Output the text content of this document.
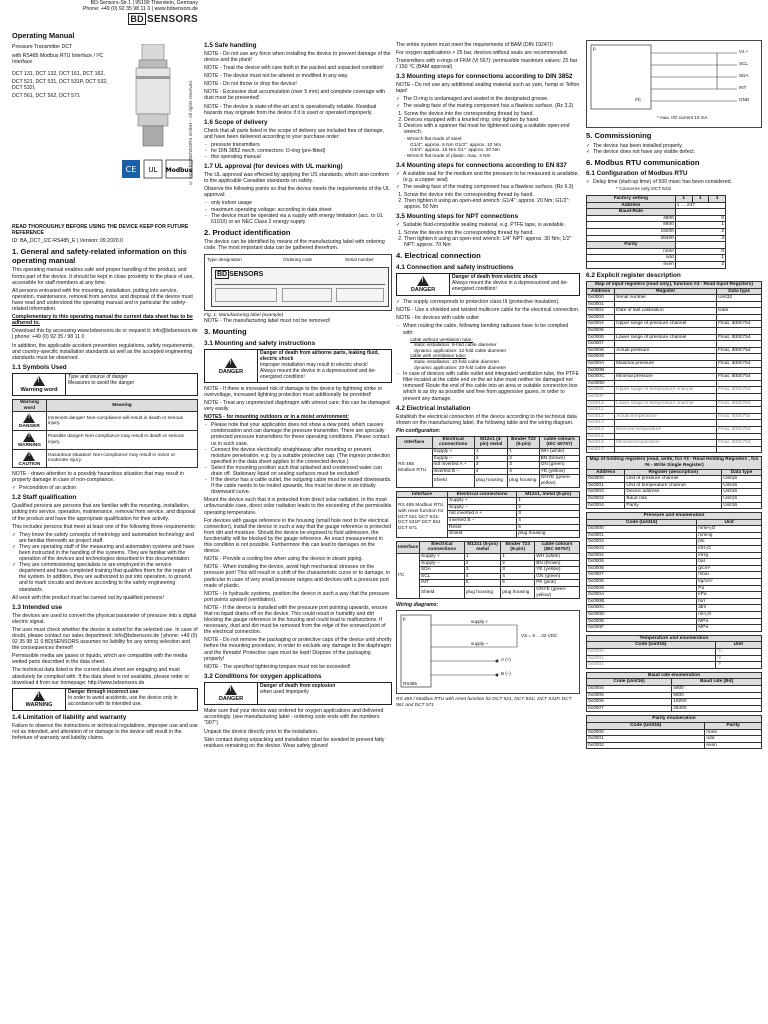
BD-Sensors-Str.1 | 95199 Thierstein, Germany
Phone: +49 (0) 92 35 98 11 0 | www.bdsensors.de
BD SENSORS
Operating Manual

Pressure Transmitter DCT

with RS485 Modbus RTU Interface / I²C Interface

DCT 131, DCT 132, DCT 161, DCT 162,

DCT 521, DCT 531, DCT 531P, DCT 532, DCT 532I,

DCT 561, DCT 562, DCT 571

CE UL Modbus
© 2020 BD|SENSORS GmbH – All rights reserved.

READ THOROUGHLY BEFORE USING THE DEVICE KEEP FOR FUTURE REFERENCE

ID: BA_DCT_I2C-RS485_E | Version: 09.2020.0

1. General and safety-related information on this operating manual

This operating manual enables safe and proper handling of the product, and forms part of the device. It should be kept in close proximity to the place of use, accessible for staff members at any time.

All persons entrusted with the mounting, installation, putting into service, operation, maintenance, removal from service, and disposal of the device must have read and understood the operating manual and in particular the safety-related information.

Complementary to this operating manual the current data sheet has to be adhered to.

Download this by accessing www.bdsensors.de or request it: info@bdsensors.de | phone: +49 (0) 92 35 / 98 11 0

In addition, the applicable accident prevention regulations, safety requirements, and country-specific installation standards as well as the accepted engineering standards must be observed.

1.1 Symbols Used
!
Warning word
Type and source of danger
Measures to avoid the danger
Warning word	Meaning

!
DANGER	Imminent danger! Non-compliance will result in death or serious injury.

!
WARNING	Possible danger! Non-compliance may result in death or serious injury.

!
CAUTION	Hazardous situation! Non-compliance may result in minor or moderate injury.

NOTE - draws attention to a possibly hazardous situation that may result in property damage in case of non-compliance.

✓ Precondition of an action
1.2 Staff qualification

Qualified persons are persons that are familiar with the mounting, installation, putting into service, operation, maintenance, removal from service, and disposal of the product and have the appropriate qualification for their activity.

This includes persons that meet at least one of the following three requirements:

✓ They know the safety concepts of metrology and automation technology and are familiar therewith as project staff.
✓ They are operating staff of the measuring and automation systems and have been instructed in the handling of the systems. They are familiar with the operation of the devices and technologies described in this documentation.
✓ They are commissioning specialists or are employed in the service department and have completed training that qualifies them for the repair of the system. In addition, they are authorized to put into operation, to ground, and to mark circuits and devices according to the safety engineering standards.

All work with this product must be carried out by qualified persons!

1.3 Intended use

The devices are used to convert the physical parameter of pressure into a digital electric signal.

The user must check whether the device is suited for the selected use. In case of doubt, please contact our sales department: info@bdsensors.de | phone: +49 (0) 92 35 98 11 0 BD|SENSORS assumes no liability for any wrong selection and the consequences thereof!

Permissible media are gases or liquids, which are compatible with the media wetted parts described in the data sheet.

The technical data listed in the current data sheet are engaging and must absolutely be complied with. If the data sheet is not available, please order or download it from our homepage: http://www.bdsensors.de

!
WARNING
Danger through incorrect use
In order to avoid accidents, use the device only in accordance with its intended use.
1.4 Limitation of liability and warranty

Failure to observe the instructions or technical regulations, improper use and use not as intended, and alteration of or damage to the device will result in the forfeiture of warranty and liability claims.

1.5 Safe handling

NOTE - Do not use any force when installing the device to prevent damage of the device and the plant!

NOTE - Treat the device with care both in the packed and unpacked condition!

NOTE - The device must not be altered or modified in any way.

NOTE - Do not throw or drop the device!

NOTE - Excessive dust accumulation (over 5 mm) and complete coverage with dust must be prevented!

NOTE - The device is state-of-the-art and is operationally reliable. Residual hazards may originate from the device if it is used or operated improperly.

1.6 Scope of delivery

Check that all parts listed in the scope of delivery are included free of damage, and have been delivered according to your purchase order:

- pressure transmitters
- for DIN 3852 mech. connectors: O-ring (pre-fitted)
- this operating manual
1.7 UL approval (for devices with UL marking)

The UL approval was effected by applying the US standards, which also conform to the applicable Canadian standards on safety.

Observe the following points so that the device meets the requirements of the UL approval:

- only indoor usage
- maximum operating voltage: according to data sheet
- The device must be operated via a supply with energy limitation (acc. to UL 61010) or an NEC Class 2 energy supply
2. Product identification

The device can be identified by means of the manufacturing label with ordering code. The most important data can be gathered therefrom.

Type designation	Ordering code	Serial number
BD SENSORS

Fig. 1: Manufacturing label (example)

NOTE - The manufacturing label must not be removed!

3. Mounting
3.1 Mounting and safety instructions
!
DANGER
Danger of death from airborne parts, leaking fluid, electric shock
Improper installation may result in electric shock!
Always mount the device in a depressurized and de-energized condition!

NOTE - If there is increased risk of damage to the device by lightning strike or overvoltage, increased lightning protection must additionally be provided!

NOTE - Treat any unprotected diaphragm with utmost care; this can be damaged very easily.

NOTES - for mounting outdoors or in a moist environment:

- Please note that your application does not show a dew point, which causes condensation and can damage the pressure transmitter. There are specially protected pressure transmitters for these operating conditions. Please contact us in such case.
- Connect the device electrically straightaway after mounting or prevent moisture penetration, e.g. by a suitable protective cap. (The ingress protection specified in the data sheet applies to the connected device.)
- Select the mounting position such that splashed and condensed water can drain off. Stationary liquid on sealing surfaces must be excluded!
- If the device has a cable outlet, the outgoing cable must be routed downwards. If the cable needs to be routed upwards, this must be done in an initially downward curve.

Mount the device such that it is protected from direct solar radiation. In the most unfavourable case, direct solar radiation leads to the exceeding of the permissible operating temperature.

For devices with gauge reference in the housing (small hole next to the electrical connection), install the device in such a way that the gauge reference is protected from dirt and moisture. Should the device be exposed to fluid admission, the functionality will be blocked by the gauge reference. An exact measurement in this condition is not possible. Furthermore this can lead to damages on the device.

NOTE - Provide a cooling line when using the device in steam piping.

NOTE - When installing the device, avoid high mechanical stresses on the pressure port! This will result in a shift of the characteristic curve or to damage, in particular in case of very small pressure ranges and devices with a pressure port made of plastic.

NOTE - In hydraulic systems, position the device in such a way that the pressure port points upward (ventilation).

NOTE - If the device is installed with the pressure port pointing upwards, ensure that no liquid drains off on the device. This could result in humidity and dirt blocking the gauge reference in the housing and could lead to malfunctions. If necessary, dust and dirt must be removed from the edge of the screwed joint of the electrical connection.

NOTE - Do not remove the packaging or protective caps of the device until shortly before the mounting procedure, in order to exclude any damage to the diaphragm and the threads! Protective caps must be kept! Dispose of the packaging properly!

NOTE - The specified tightening torques must not be exceeded!

3.2 Conditions for oxygen applications
!
DANGER
Danger of death from explosion
when used improperly

Make sure that your device was ordered for oxygen applications and delivered accordingly. (see manufacturing label - ordering code ends with the numbers "007")

Unpack the device directly prior to the installation.

Skin contact during unpacking and installation must be avoided to prevent fatty residues remaining on the device. Wear safety gloves!

The entire system must meet the requirements of BAM (DIN 19247)!

For oxygen applications > 25 bar, devices without seals are recommended.

Transmitters with o-rings of FKM (Vi 567): permissible maximum values: 25 bar / 150 °C (BAM approval)

3.3 Mounting steps for connections according to DIN 3852

NOTE - Do not use any additional sealing material such as yarn, hemp or Teflon tape!

✓ The O-ring is undamaged and seated in the designated groove.
✓ The sealing face of the mating component has a flawless surface. (Rz 3.2)
1. Screw the device into the corresponding thread by hand.
2. Devices equipped with a knurled ring: only tighten by hand
3. Devices with a spanner flat must be tightened using a suitable open-end wrench.

- Wrench flat made of steel:

G1/4": approx. 5 Nm G1/2": approx. 10 Nm

G3/4": approx. 15 Nm G1": approx. 20 Nm

- Wrench flat made of plastic: max. 3 Nm

3.4 Mounting steps for connections according to EN 837
✓ A suitable seal for the medium and the pressure to be measured is available. (e.g. a copper seal)
✓ The sealing face of the mating component has a flawless surface. (Rz 6.3)
1. Screw the device into the corresponding thread by hand.
2. Then tighten it using an open-end wrench: G1/4": approx. 20 Nm; G1/2": approx. 50 Nm
3.5 Mounting steps for NPT connections
✓ Suitable fluid-compatible sealing material, e.g. PTFE tape, is available.
1. Screw the device into the corresponding thread by hand.
2. Then tighten it using an open-end wrench: 1/4" NPT: approx. 30 Nm; 1/2" NPT: approx. 70 Nm
4. Electrical connection
4.1 Connection and safety instructions
!
DANGER
Danger of death from electric shock
Always mount the device in a depressurized and de-energized condition!
✓ The supply corresponds to protection class III (protective insulation).

NOTE - Use a shielded and twisted multicore cable for the electrical connection.

NOTE - for devices with cable outlet

- When routing the cable, following bending radiuses have to be complied with:

cable without ventilation tube:

static installation: 8-fold cable diameter

dynamic application: 12-fold cable diameter

cable with ventilation tube:

static installation: 10-fold cable diameter

dynamic application: 20-fold cable diameter

- In case of devices with cable outlet and integrated ventilation tube, the PTFE filter located at the cable end on the air tube must neither be damaged nor removed! Route the end of the cable into an area or suitable connection box which is as dry as possible and free from aggressive gases, in order to prevent any damage.
4.2 Electrical installation

Establish the electrical connection of the device according to the technical data shown on the manufacturing label, the following table and the wiring diagram.

Pin configuration:

Interface	Electrical connections	M12x1 (4-pin) metal	Binder 723 (5-pin)	cable colours (IEC 60757)
RS 485 Modbus RTU	Supply +	1	1	WH (white)
	Supply –	2	2	BN (brown)
	not inverted A +	3	3	GN (green)
	inverted B –	4	4	YE (yellow)
	Shield	plug housing	plug housing	GNYE (green-yellow)
Interface	Electrical connections	M12x1, metal (5-pin)
RS 485 Modbus RTU with reset function for DCT 521 DCT 531i DCT 531P DCT 561 DCT 571	Supply +	1
	Supply –	2
	not inverted A +	3
	inverted B –	4
	Reset	5
	Shield	plug housing
Interface	Electrical connections	M12x1 (5-pin) metal	Binder 723 (5-pin)	cable colours (IEC 60757)
I²C	Supply +	1	1	WH (white)
	Supply –	2	2	BN (brown)
	SDA	3	3	YE (yellow)
	SCL	4	4	GN (green)
	INT	5	5	PK (pink)
	Shield	plug housing	plug housing	GNYE (green-yellow)

Wiring diagrams:

p
supply +
supply –
VS = 9 ... 32 VDC
A (+)
B (–)
RS485

RS 485 / Modbus RTU with reset function for DCT 521, DCT 531i, DCT 531P, DCT 561 and DCT 571

p
Vs +
SCL
SDA
INT
GND
I²C
* max. I/O current 10 mA
5. Commissioning
✓ The device has been installed properly.
✓ The device does not have any visible defect.
6. Modbus RTU communication
6.1 Configuration of Modbus RTU
✓ Delay time (start-up time) of 500 msec has been considered.

* Concerns only DCT 531i

Factory setting	1	1	1
Address	1 … 247		
Baud-Rate			
4800	0		
9600	1		
19200	2		
38400	3		
Parity			
none	0		
odd	1		
even	2		
6.2 Explicit register description
Map of input registers (read only), function #4 - Read Input Registers)		
Address	Register	Data type
0x0000	Serial number	Uint32
0x0001		
0x0002	Date of last calibration	Date
0x0003		
0x0004	Upper range of pressure channel	Float, IEEE754
0x0005		
0x0006	Lower range of pressure channel	Float, IEEE754
0x0007		
0x0008	Actual pressure	Float, IEEE754
0x0009		
0x000A	Maximal pressure	Float, IEEE754
0x000B		
0x000C	Minimal pressure	Float, IEEE754
0x000D		
0x000E	Upper range of temperature channel	Float, IEEE754
0x000F		
0x0010	Lower range of temperature channel	Float, IEEE754
0x0011		
0x0012	Actual temperature	Float, IEEE754
0x0013		
0x0014	Maximal temperature	Float, IEEE754
0x0015		
0x0016	Minimal temperature	Float, IEEE754
0x0017		
Map of holding registers (read, write, fcn #3 - Read Holding Registers , fcn #6 - Write Single Register)		
Address	Register (description)	Data type
0x0000	Unit of pressure channel	Uint16
0x0001	Unit of temperature channel	Uint16
0x0002	Device address	Uint16
0x0003	Baud rate	Uint16
0x0004	Parity	Uint16
Pressure unit enumeration	
Code (Uint16)	Unit
0x0000	mmH₂O
0x0001	mmHg
0x0002	psi
0x0003	inH₂O
0x0004	inHg
0x0005	bar
0x0006	g/cm²
0x0007	mbar
0x0008	kg/cm²
0x0009	Pa
0x000A	kPa
0x000B	torr
0x000C	atm
0x000D	mH₂O
0x000E	MPa
0x000F	MPa
Temperature unit enumeration	
Code (Uint16)	Unit
0x0000	°C
0x0001	°K
0x0002	°F
Baud rate enumeration	
Code (Uint16)	Baud rate [Bd]
0x0004	4800
0x0005	9600
0x0006	19200
0x0007	38400
Parity enumeration	
Code (Uint16)	Parity
0x0000	none
0x0001	odd
0x0002	even
